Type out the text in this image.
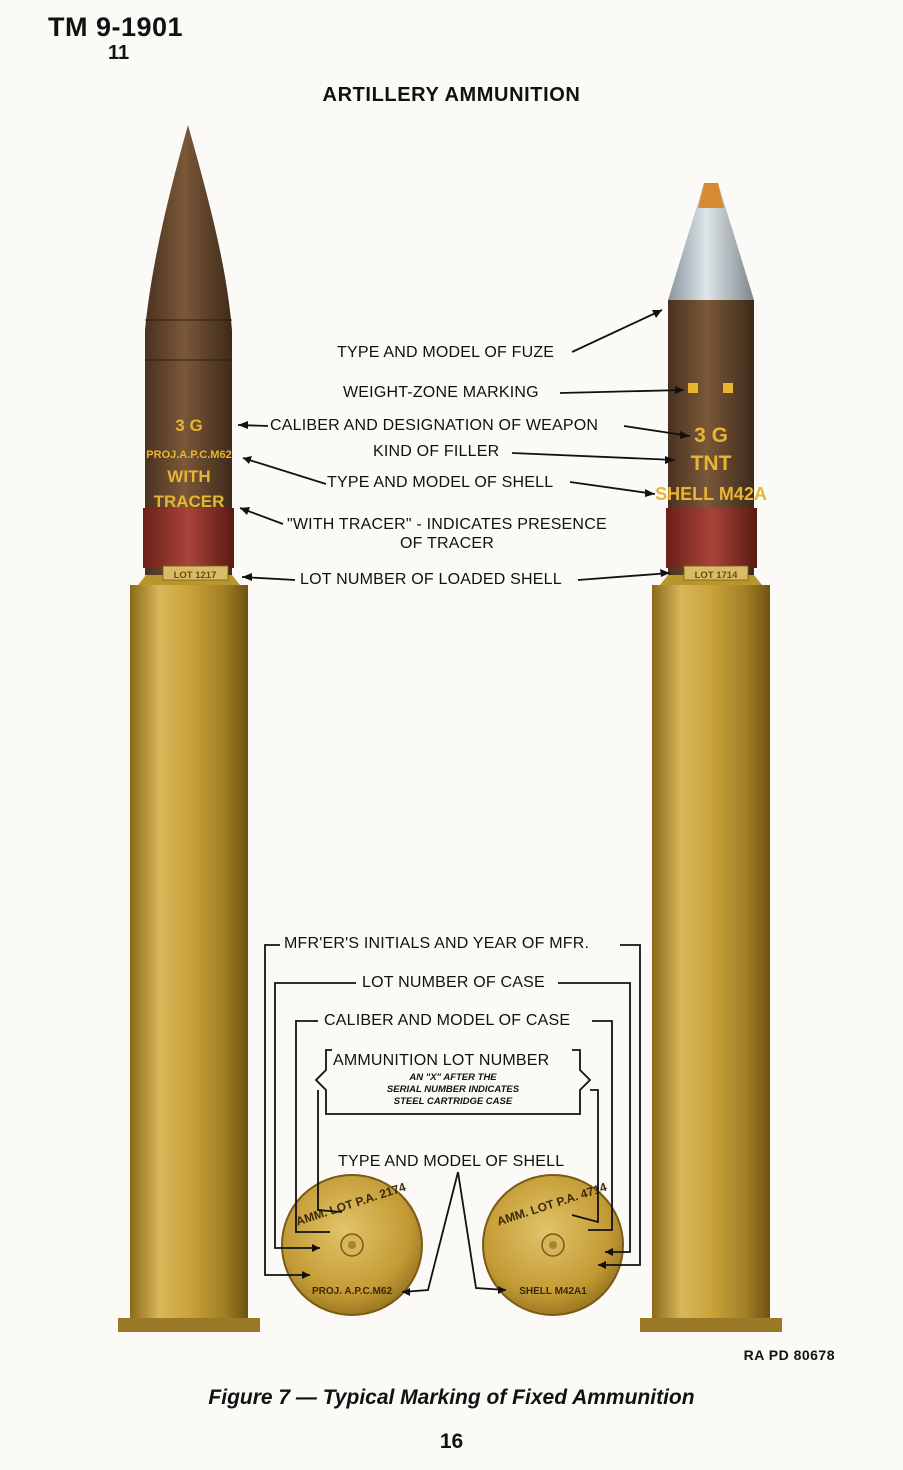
TM 9-1901
11
ARTILLERY AMMUNITION
3 G
PROJ.A.P.C.M62
WITH
TRACER
LOT 1217
3 G
TNT
SHELL M42A
LOT 1714
AMM. LOT P.A. 2174
PROJ. A.P.C.M62
AMM. LOT P.A. 4714
SHELL M42A1
TYPE AND MODEL OF FUZE
WEIGHT-ZONE MARKING
CALIBER AND DESIGNATION OF WEAPON
KIND OF FILLER
TYPE AND MODEL OF SHELL
"WITH TRACER" - INDICATES PRESENCE
OF TRACER
LOT NUMBER OF LOADED SHELL
MFR'ER'S INITIALS AND YEAR OF MFR.
LOT NUMBER OF CASE
CALIBER AND MODEL OF CASE
AMMUNITION LOT NUMBER
AN "X" AFTER THE
SERIAL NUMBER INDICATES
STEEL CARTRIDGE CASE
TYPE AND MODEL OF SHELL
RA PD 80678
Figure 7 — Typical Marking of Fixed Ammunition
16
